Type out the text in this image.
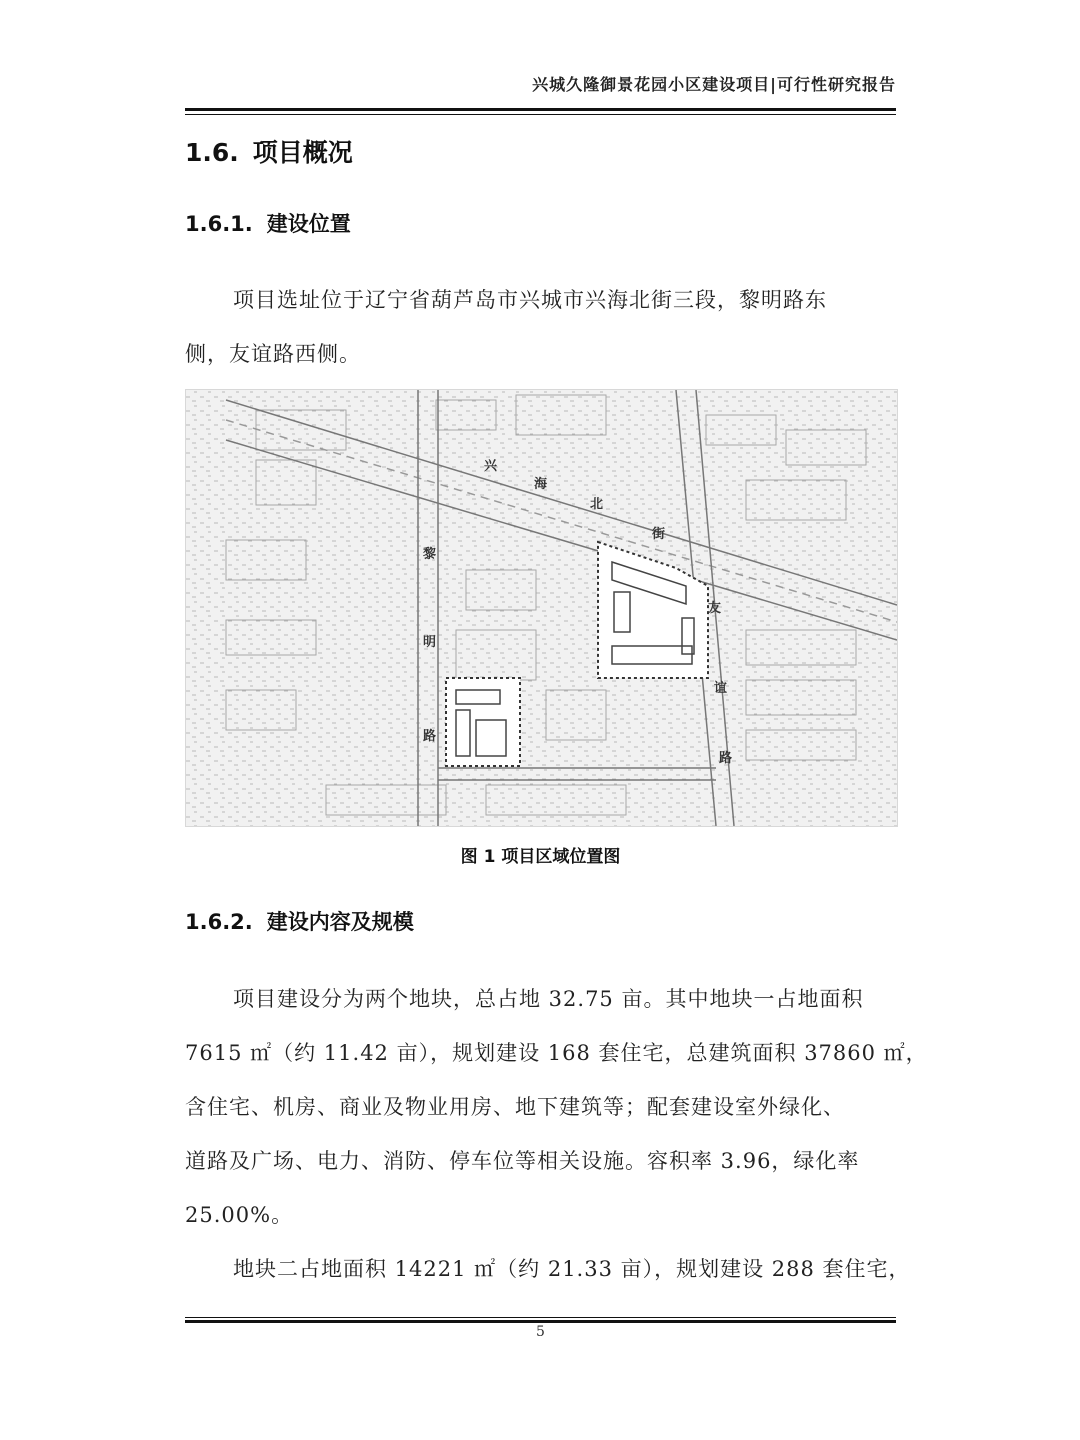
兴城久隆御景花园小区建设项目|可行性研究报告
1.6. 项目概况
1.6.1. 建设位置
项目选址位于辽宁省葫芦岛市兴城市兴海北街三段，黎明路东
侧，友谊路西侧。
兴
海
北
街
黎
明
路
友
谊
路
图 1 项目区域位置图
1.6.2. 建设内容及规模
项目建设分为两个地块，总占地 32.75 亩。其中地块一占地面积
7615 ㎡（约 11.42 亩），规划建设 168 套住宅，总建筑面积 37860 ㎡，
含住宅、机房、商业及物业用房、地下建筑等；配套建设室外绿化、
道路及广场、电力、消防、停车位等相关设施。容积率 3.96，绿化率
25.00%。
地块二占地面积 14221 ㎡（约 21.33 亩），规划建设 288 套住宅，
5
